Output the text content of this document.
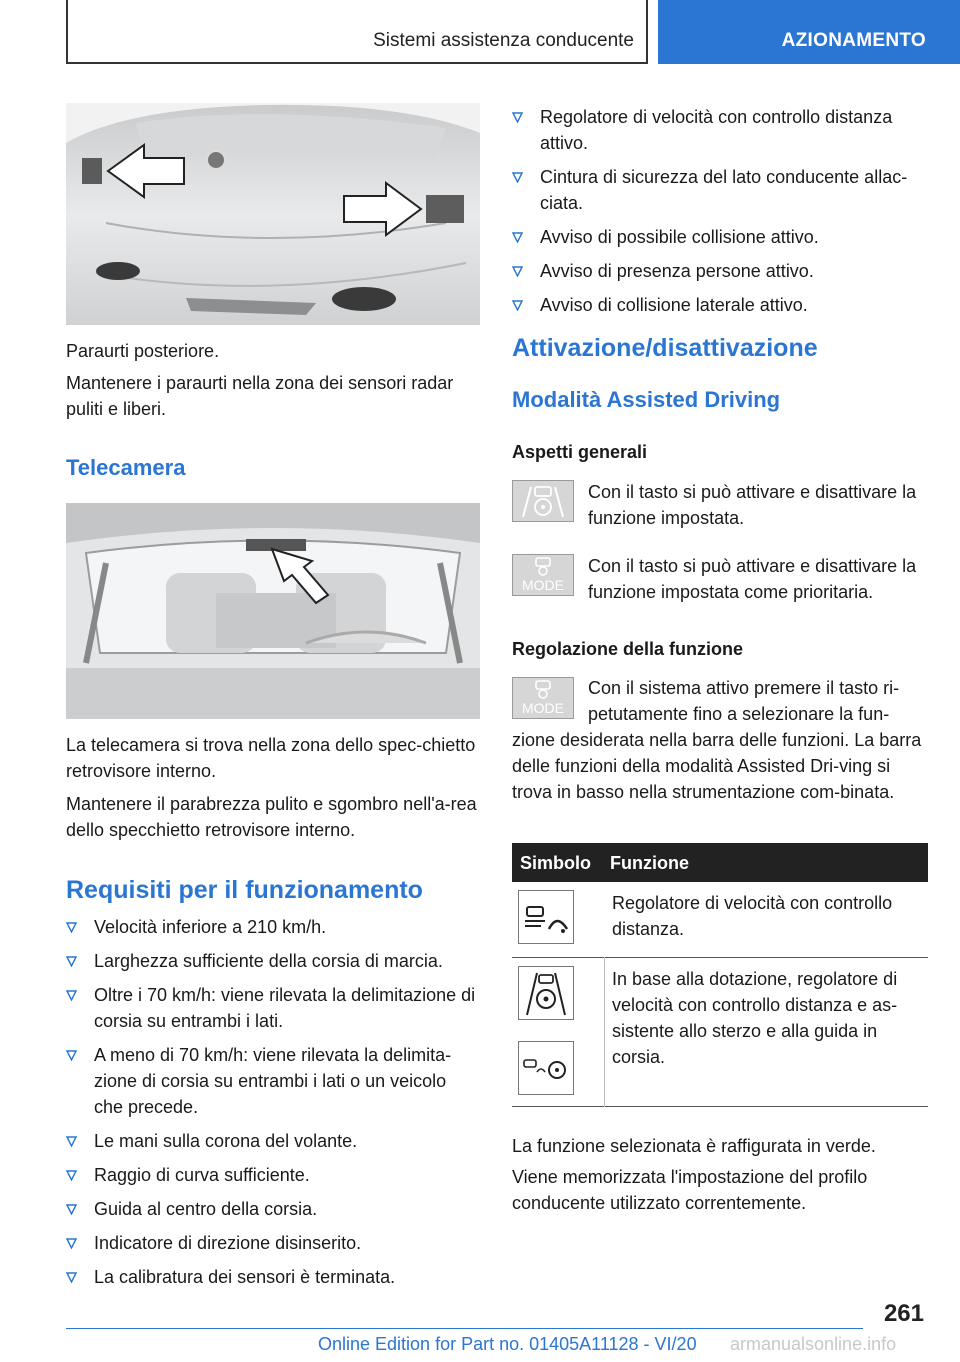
Sistemi assistenza conducente	AZIONAMENTO

Paraurti posteriore.

Mantenere i paraurti nella zona dei sensori radar puliti e liberi.

Telecamera

La telecamera si trova nella zona dello spec-chietto retrovisore interno.

Mantenere il parabrezza pulito e sgombro nell'a-rea dello specchietto retrovisore interno.

Requisiti per il funzionamento
Velocità inferiore a 210 km/h.
Larghezza sufficiente della corsia di marcia.
Oltre i 70 km/h: viene rilevata la delimitazione di corsia su entrambi i lati.
A meno di 70 km/h: viene rilevata la delimita-zione di corsia su entrambi i lati o un veicolo che precede.
Le mani sulla corona del volante.
Raggio di curva sufficiente.
Guida al centro della corsia.
Indicatore di direzione disinserito.
La calibratura dei sensori è terminata.
Regolatore di velocità con controllo distanza attivo.
Cintura di sicurezza del lato conducente allac-ciata.
Avviso di possibile collisione attivo.
Avviso di presenza persone attivo.
Avviso di collisione laterale attivo.
Attivazione/disattivazione
Modalità Assisted Driving
Aspetti generali

Con il tasto si può attivare e disattivare la funzione impostata.

MODE

Con il tasto si può attivare e disattivare la funzione impostata come prioritaria.

Regolazione della funzione
MODE

Con il sistema attivo premere il tasto ri-

petutamente fino a selezionare la fun-

zione desiderata nella barra delle funzioni. La barra delle funzioni della modalità Assisted Dri-ving si trova in basso nella strumentazione com-binata.

Simbolo Funzione

Regolatore di velocità con controllo distanza.

In base alla dotazione, regolatore di velocità con controllo distanza e as-sistente allo sterzo e alla guida in corsia.

La funzione selezionata è raffigurata in verde.

Viene memorizzata l'impostazione del profilo conducente utilizzato correntemente.

261
Online Edition for Part no. 01405A11128 - VI/20 armanualsonline.info
